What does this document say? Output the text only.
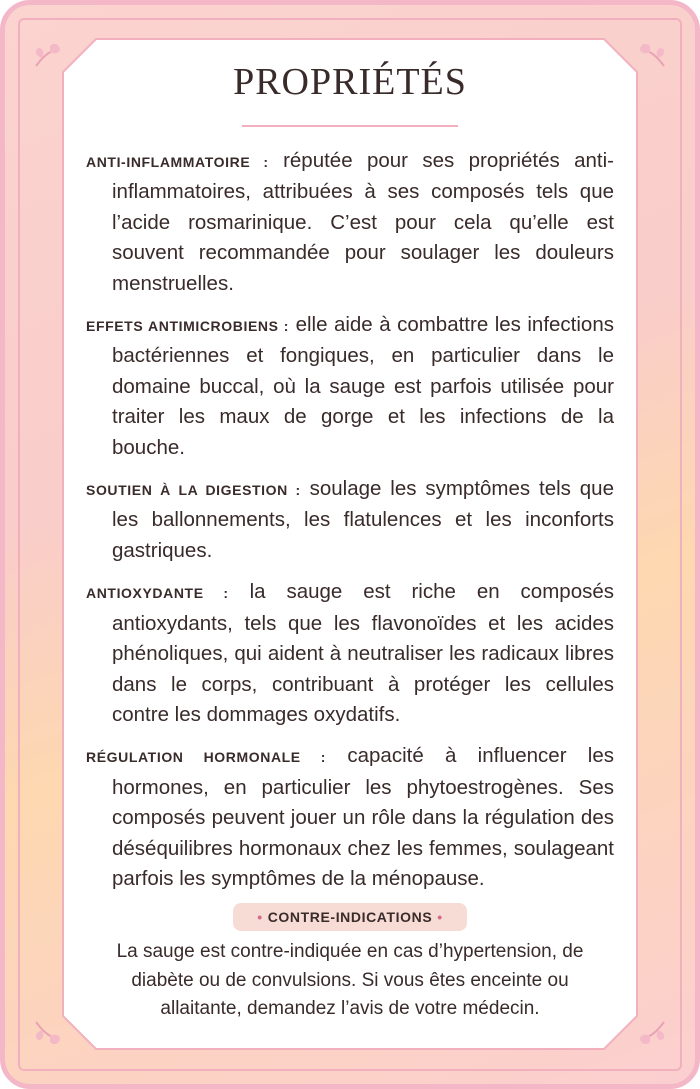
PROPRIÉTÉS

ANTI-INFLAMMATOIRE : réputée pour ses propriétés anti-inflammatoires, attribuées à ses composés tels que l’acide rosmarinique. C’est pour cela qu’elle est souvent recommandée pour soulager les douleurs menstruelles.

EFFETS ANTIMICROBIENS : elle aide à combattre les infections bactériennes et fongiques, en particulier dans le domaine buccal, où la sauge est parfois utilisée pour traiter les maux de gorge et les infections de la bouche.

SOUTIEN À LA DIGESTION : soulage les symptômes tels que les ballonnements, les flatulences et les inconforts gastriques.

ANTIOXYDANTE : la sauge est riche en composés antioxydants, tels que les flavonoïdes et les acides phénoliques, qui aident à neutraliser les radicaux libres dans le corps, contribuant à protéger les cellules contre les dommages oxydatifs.

RÉGULATION HORMONALE : capacité à influencer les hormones, en particulier les phytoestrogènes. Ses composés peuvent jouer un rôle dans la régulation des déséquilibres hormonaux chez les femmes, soulageant parfois les symptômes de la ménopause.

• CONTRE-INDICATIONS •

La sauge est contre-indiquée en cas d’hypertension, de diabète ou de convulsions. Si vous êtes enceinte ou allaitante, demandez l’avis de votre médecin.
